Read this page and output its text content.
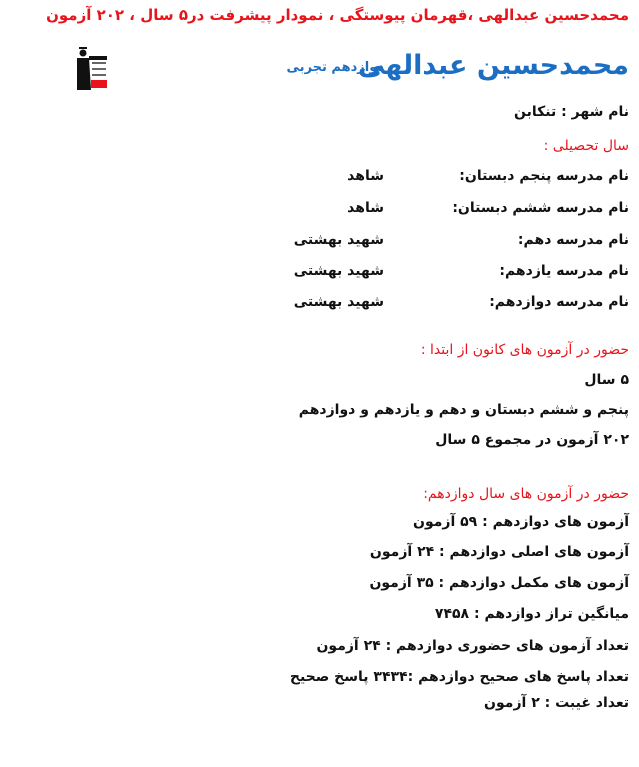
محمدحسین عبدالهی ،قهرمان پیوستگی ، نمودار پیشرفت در۵ سال ، ۲۰۲ آزمون
محمدحسین عبدالهی
دوازدهم تجربی
نام شهر : تنکابن
سال تحصیلی :
نام مدرسه پنجم دبستان:
شاهد
نام مدرسه ششم دبستان:
شاهد
نام مدرسه دهم:
شهید بهشتی
نام مدرسه یازدهم:
شهید بهشتی
نام مدرسه دوازدهم:
شهید بهشتی
حضور در آزمون های کانون از ابتدا :
۵ سال
پنجم و ششم دبستان و دهم و یازدهم و دوازدهم
۲۰۲ آزمون در مجموع ۵ سال
حضور در آزمون های سال دوازدهم:
آزمون های دوازدهم : ۵۹ آزمون
آزمون های اصلی دوازدهم : ۲۴ آزمون
آزمون های مکمل دوازدهم : ۳۵ آزمون
میانگین تراز دوازدهم : ۷۴۵۸
تعداد آزمون های حضوری دوازدهم : ۲۴ آزمون
تعداد پاسخ های صحیح دوازدهم :۳۴۳۴ پاسخ صحیح
تعداد غیبت : ۲ آزمون
